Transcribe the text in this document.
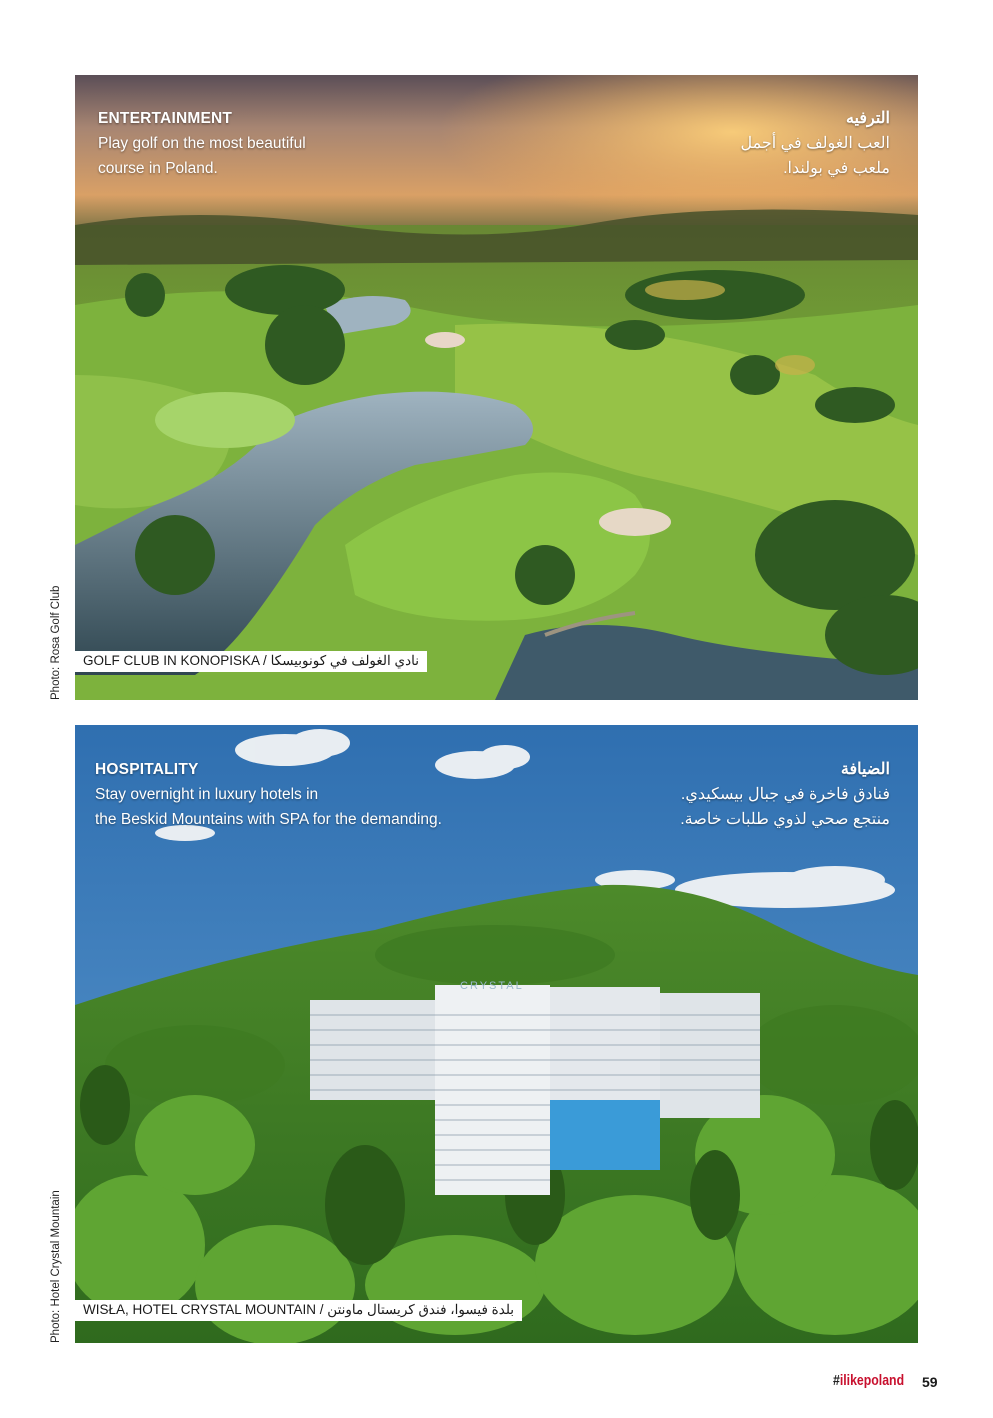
ENTERTAINMENT
Play golf on the most beautiful
course in Poland.
الترفيه
العب الغولف في أجمل
ملعب في بولندا.
GOLF CLUB IN KONOPISKA / نادي الغولف في كونوبيسكا
Photo: Rosa Golf Club
CRYSTAL
HOSPITALITY
Stay overnight in luxury hotels in
the Beskid Mountains with SPA for the demanding.
الضيافة
فنادق فاخرة في جبال بيسكيدي.
منتجع صحي لذوي طلبات خاصة.
WISŁA, HOTEL CRYSTAL MOUNTAIN / بلدة فيسوا، فندق كريستال ماونتن
Photo: Hotel Crystal Mountain
#ilikepoland 59
